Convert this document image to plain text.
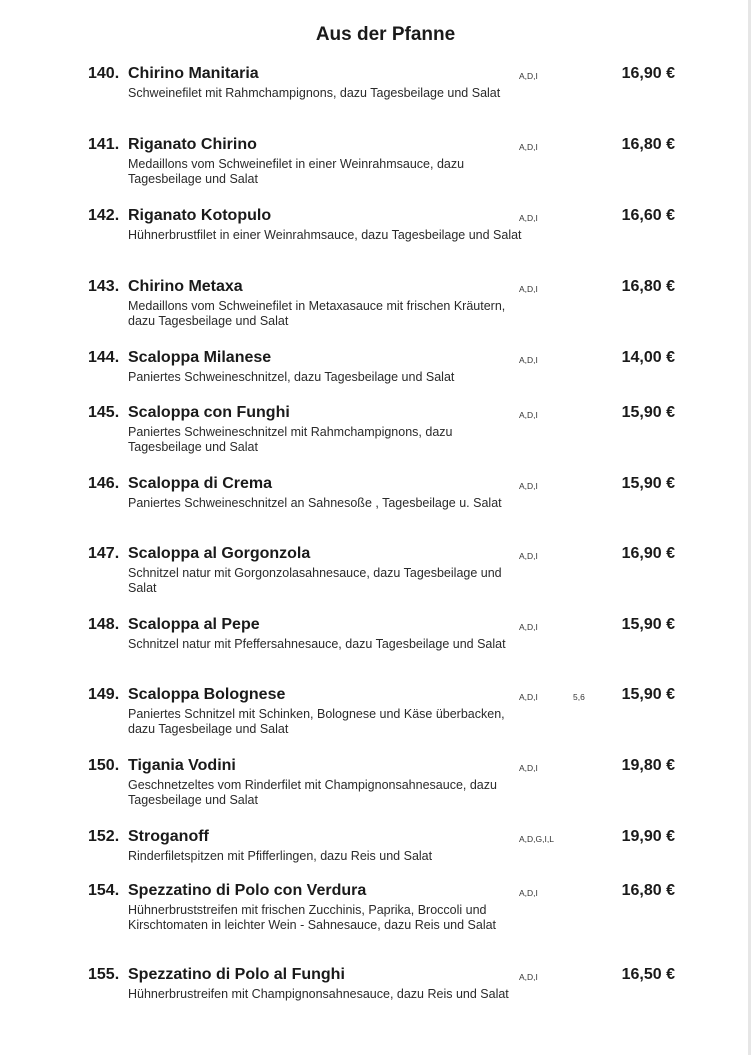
Aus der Pfanne
140. Chirino Manitaria
Schweinefilet mit Rahmchampignons, dazu Tagesbeilage und Salat
A,D,I	16,90 €
141. Riganato Chirino
Medaillons vom Schweinefilet in einer Weinrahmsauce, dazu Tagesbeilage und Salat
A,D,I	16,80 €
142. Riganato Kotopulo
Hühnerbrustfilet in einer Weinrahmsauce, dazu Tagesbeilage und Salat
A,D,I	16,60 €
143. Chirino Metaxa
Medaillons vom Schweinefilet in Metaxasauce mit frischen Kräutern, dazu Tagesbeilage und Salat
A,D,I	16,80 €
144. Scaloppa Milanese
Paniertes Schweineschnitzel, dazu Tagesbeilage und Salat
A,D,I	14,00 €
145. Scaloppa con Funghi
Paniertes Schweineschnitzel mit Rahmchampignons, dazu Tagesbeilage und Salat
A,D,I	15,90 €
146. Scaloppa di Crema
Paniertes Schweineschnitzel an Sahnesoße , Tagesbeilage u. Salat
A,D,I	15,90 €
147. Scaloppa al Gorgonzola
Schnitzel natur mit Gorgonzolasahnesauce, dazu Tagesbeilage und Salat
A,D,I	16,90 €
148. Scaloppa al Pepe
Schnitzel natur mit Pfeffersahnesauce, dazu Tagesbeilage und Salat
A,D,I	15,90 €
149. Scaloppa Bolognese
Paniertes Schnitzel mit Schinken, Bolognese und Käse überbacken, dazu Tagesbeilage und Salat
A,D,I	5,6 15,90 €
150. Tigania Vodini
Geschnetzeltes vom Rinderfilet mit Champignonsahnesauce, dazu Tagesbeilage und Salat
A,D,I	19,80 €
152. Stroganoff
Rinderfiletspitzen mit Pfifferlingen, dazu Reis und Salat
A,D,G,I,L	19,90 €
154. Spezzatino di Polo con Verdura
Hühnerbruststreifen mit frischen Zucchinis, Paprika, Broccoli und Kirschtomaten in leichter Wein - Sahnesauce, dazu Reis und Salat
A,D,I	16,80 €
155. Spezzatino di Polo al Funghi
Hühnerbrustreifen mit Champignonsahnesauce, dazu Reis und Salat
A,D,I	16,50 €
